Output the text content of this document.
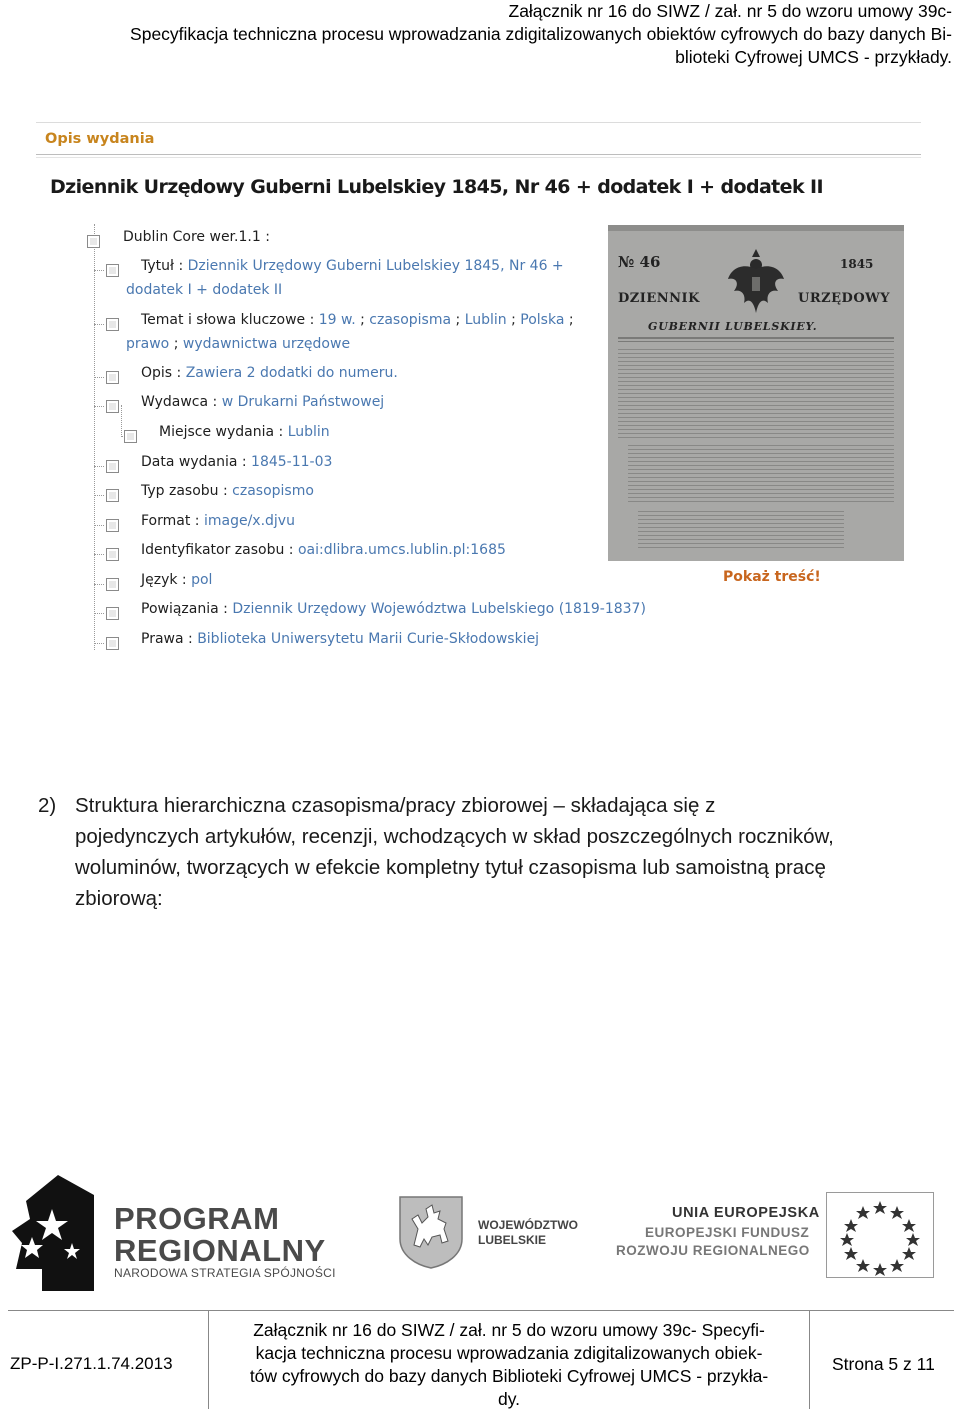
Załącznik nr 16 do SIWZ / zał. nr 5 do wzoru umowy 39c-
Specyfikacja techniczna procesu wprowadzania zdigitalizowanych obiektów cyfrowych do bazy danych Bi-
blioteki Cyfrowej UMCS - przykłady.
Opis wydania
Dziennik Urzędowy Guberni Lubelskiey 1845, Nr 46 + dodatek I + dodatek II
Dublin Core wer.1.1 :
Tytuł : Dziennik Urzędowy Guberni Lubelskiey 1845, Nr 46 +
dodatek I + dodatek II
Temat i słowa kluczowe : 19 w. ; czasopisma ; Lublin ; Polska ;
prawo ; wydawnictwa urzędowe
Opis : Zawiera 2 dodatki do numeru.
Wydawca : w Drukarni Państwowej
Miejsce wydania : Lublin
Data wydania : 1845-11-03
Typ zasobu : czasopismo
Format : image/x.djvu
Identyfikator zasobu : oai:dlibra.umcs.lublin.pl:1685
Język : pol
Powiązania : Dziennik Urzędowy Województwa Lubelskiego (1819-1837)
Prawa : Biblioteka Uniwersytetu Marii Curie-Skłodowskiej
№ 46	1845
DZIENNIK	URZĘDOWY
GUBERNII LUBELSKIEY.
Pokaż treść!
2) Struktura hierarchiczna czasopisma/pracy zbiorowej – składająca się z
pojedynczych artykułów, recenzji, wchodzących w skład poszczególnych roczników,
woluminów, tworzących w efekcie kompletny tytuł czasopisma lub samoistną pracę
zbiorową:
PROGRAM
REGIONALNY
NARODOWA STRATEGIA SPÓJNOŚCI
WOJEWÓDZTWO
LUBELSKIE
UNIA EUROPEJSKA
EUROPEJSKI FUNDUSZ
ROZWOJU REGIONALNEGO
ZP-P-I.271.1.74.2013
Załącznik nr 16 do SIWZ / zał. nr 5 do wzoru umowy 39c- Specyfi-
kacja techniczna procesu wprowadzania zdigitalizowanych obiek-
tów cyfrowych do bazy danych Biblioteki Cyfrowej UMCS - przykła-
dy.
Strona 5 z 11
